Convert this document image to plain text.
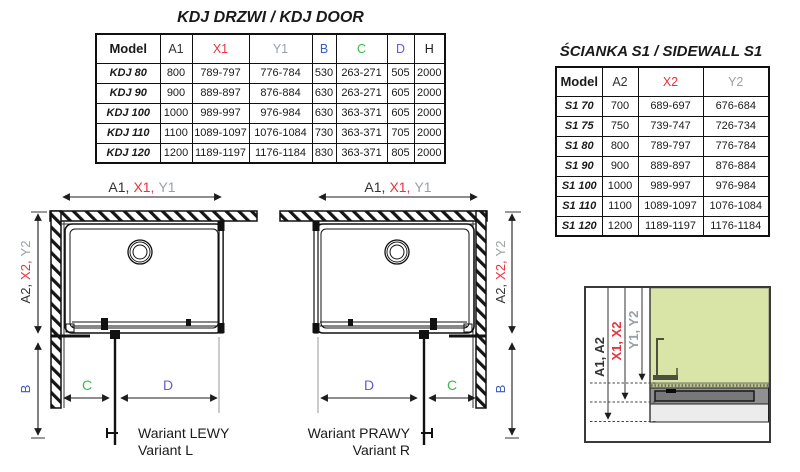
KDJ DRZWI / KDJ DOOR
ŚCIANKA S1 / SIDEWALL S1
Model	A1	X1	Y1	B	C	D	H
KDJ 80	800	789-797	776-784	530	263-271	505	2000
KDJ 90	900	889-897	876-884	630	263-271	605	2000
KDJ 100	1000	989-997	976-984	630	363-371	605	2000
KDJ 110	1100	1089-1097	1076-1084	730	363-371	705	2000
KDJ 120	1200	1189-1197	1176-1184	830	363-371	805	2000
Model	A2	X2	Y2
S1 70	700	689-697	676-684
S1 75	750	739-747	726-734
S1 80	800	789-797	776-784
S1 90	900	889-897	876-884
S1 100	1000	989-997	976-984
S1 110	1100	1089-1097	1076-1084
S1 120	1200	1189-1197	1176-1184
A1, X1, Y1
A2,X2,Y2
B	C	D
Wariant LEWY
Variant L
A1, X1, Y1
A2,X2,Y2
B
D	C
Wariant PRAWY
Variant R
A1, A2 X1, X2 Y1, Y2
